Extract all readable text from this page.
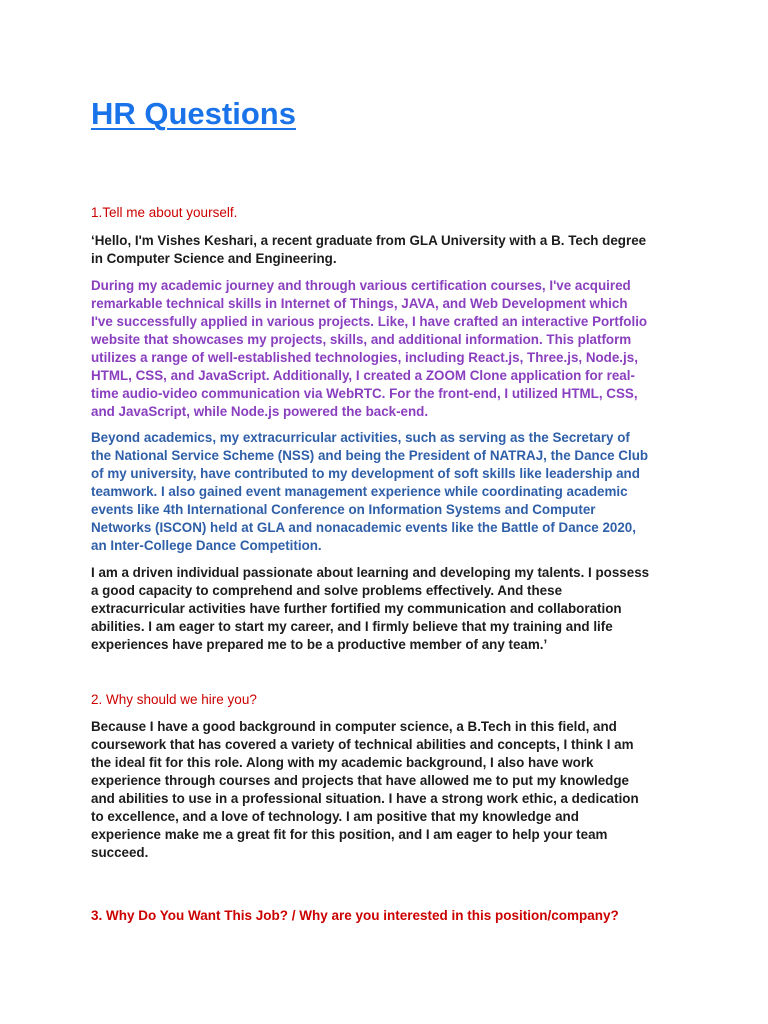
HR Questions

1.Tell me about yourself.

‘Hello, I'm Vishes Keshari, a recent graduate from GLA University with a B. Tech degree
in Computer Science and Engineering.
During my academic journey and through various certification courses, I've acquired
remarkable technical skills in Internet of Things, JAVA, and Web Development which
I've successfully applied in various projects. Like, I have crafted an interactive Portfolio
website that showcases my projects, skills, and additional information. This platform
utilizes a range of well-established technologies, including React.js, Three.js, Node.js,
HTML, CSS, and JavaScript. Additionally, I created a ZOOM Clone application for real-
time audio-video communication via WebRTC. For the front-end, I utilized HTML, CSS,
and JavaScript, while Node.js powered the back-end.
Beyond academics, my extracurricular activities, such as serving as the Secretary of
the National Service Scheme (NSS) and being the President of NATRAJ, the Dance Club
of my university, have contributed to my development of soft skills like leadership and
teamwork. I also gained event management experience while coordinating academic
events like 4th International Conference on Information Systems and Computer
Networks (ISCON) held at GLA and nonacademic events like the Battle of Dance 2020,
an Inter-College Dance Competition.
I am a driven individual passionate about learning and developing my talents. I possess
a good capacity to comprehend and solve problems effectively. And these
extracurricular activities have further fortified my communication and collaboration
abilities. I am eager to start my career, and I firmly believe that my training and life
experiences have prepared me to be a productive member of any team.’

2. Why should we hire you?

Because I have a good background in computer science, a B.Tech in this field, and
coursework that has covered a variety of technical abilities and concepts, I think I am
the ideal fit for this role. Along with my academic background, I also have work
experience through courses and projects that have allowed me to put my knowledge
and abilities to use in a professional situation. I have a strong work ethic, a dedication
to excellence, and a love of technology. I am positive that my knowledge and
experience make me a great fit for this position, and I am eager to help your team
succeed.

3. Why Do You Want This Job? / Why are you interested in this position/company?
